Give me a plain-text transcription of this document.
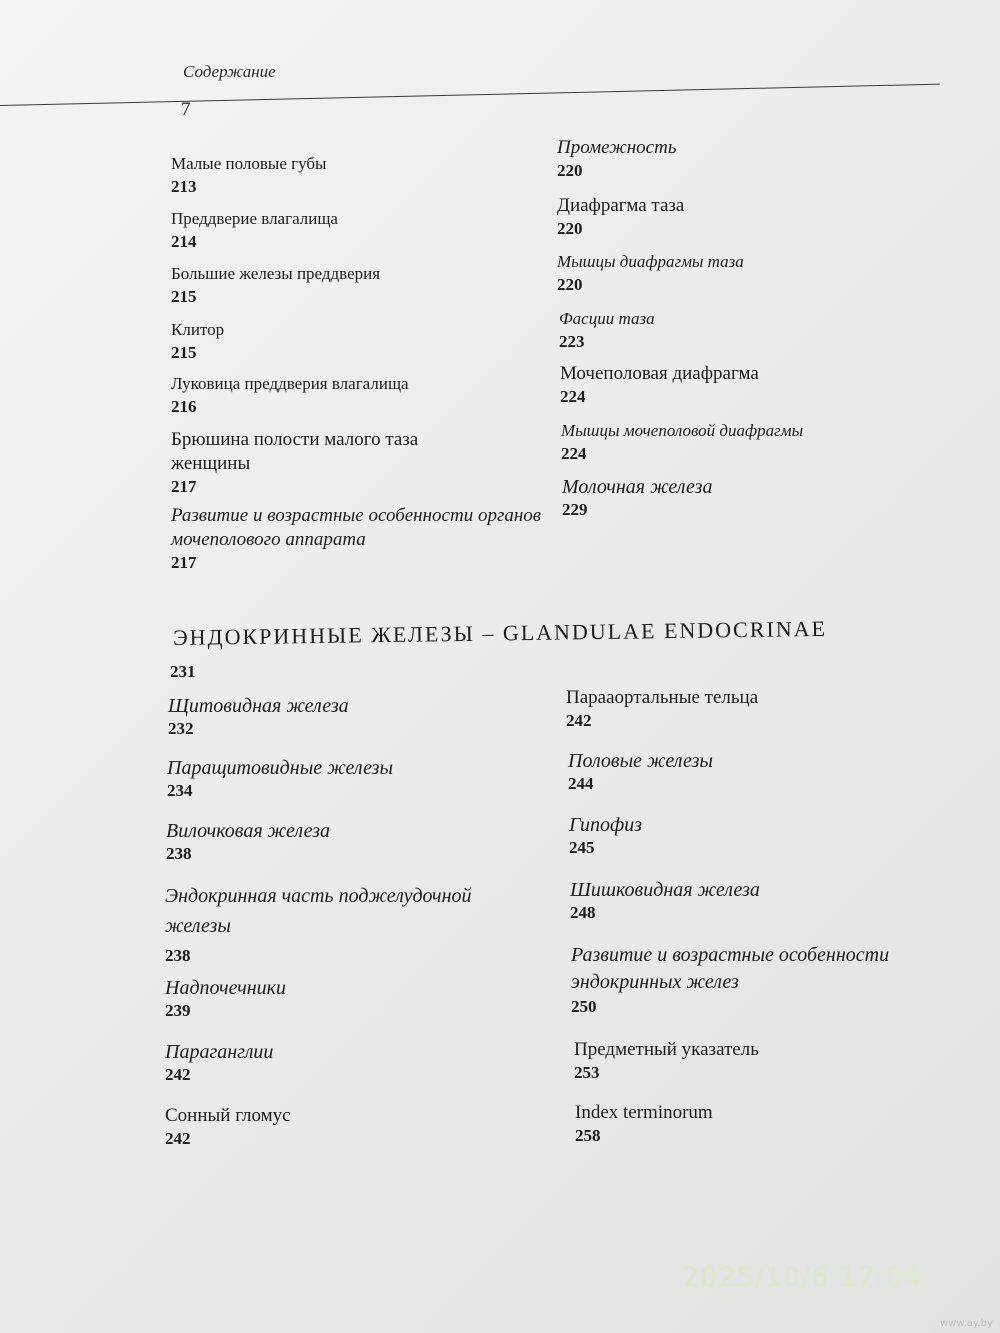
Содержание
7
Малые половые губы
213
Преддверие влагалища
214
Большие железы преддверия
215
Клитор
215
Луковица преддверия влагалища
216
Брюшина полости малого таза женщины
217
Развитие и возрастные особенности органов мочеполового аппарата
217
Промежность
220
Диафрагма таза
220
Мышцы диафрагмы таза
220
Фасции таза
223
Мочеполовая диафрагма
224
Мышцы мочеполовой диафрагмы
224
Молочная железа
229
ЭНДОКРИННЫЕ ЖЕЛЕЗЫ – GLANDULAE ENDOCRINAE
231
Щитовидная железа
232
Паращитовидные железы
234
Вилочковая железа
238
Эндокринная часть поджелудочной железы
238
Надпочечники
239
Параганглии
242
Сонный гломус
242
Парааортальные тельца
242
Половые железы
244
Гипофиз
245
Шишковидная железа
248
Развитие и возрастные особенности эндокринных желез
250
Предметный указатель
253
Index terminorum
258
2025/10/6 17:04
www.ay.by
